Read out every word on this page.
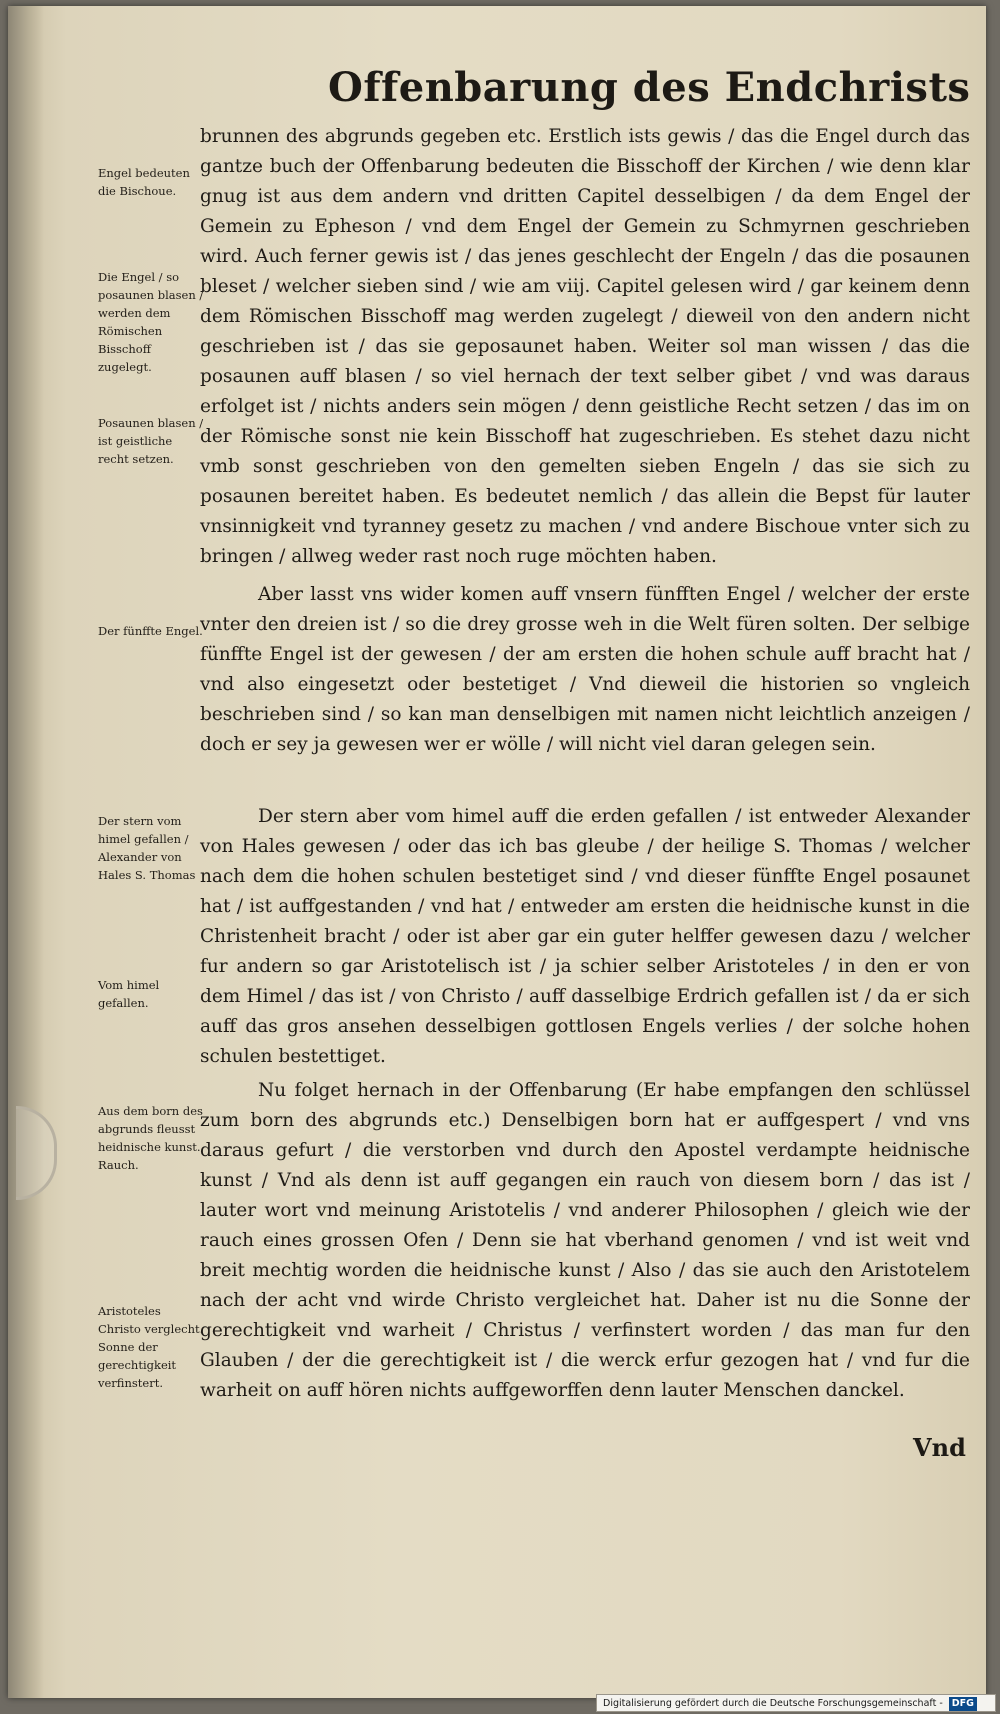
Offenbarung des Endchrists

brunnen des abgrunds gegeben etc. Erstlich ists gewis / das die Engel durch das gantze buch der Offenbarung bedeuten die Bisschoff der Kirchen / wie denn klar gnug ist aus dem andern vnd dritten Capitel desselbigen / da dem Engel der Gemein zu Epheson / vnd dem Engel der Gemein zu Schmyrnen geschrieben wird. Auch ferner gewis ist / das jenes geschlecht der Engeln / das die posaunen bleset / welcher sieben sind / wie am viij. Capitel gelesen wird / gar keinem denn dem Römischen Bisschoff mag werden zugelegt / dieweil von den andern nicht geschrieben ist / das sie geposaunet haben. Weiter sol man wissen / das die posaunen auff blasen / so viel hernach der text selber gibet / vnd was daraus erfolget ist / nichts anders sein mögen / denn geistliche Recht setzen / das im on der Römische sonst nie kein Bisschoff hat zugeschrieben. Es stehet dazu nicht vmb sonst geschrieben von den gemelten sieben Engeln / das sie sich zu posaunen bereitet haben. Es bedeutet nemlich / das allein die Bepst für lauter vnsinnigkeit vnd tyranney gesetz zu machen / vnd andere Bischoue vnter sich zu bringen / allweg weder rast noch ruge möchten haben.

Aber lasst vns wider komen auff vnsern fünfften Engel / welcher der erste vnter den dreien ist / so die drey grosse weh in die Welt füren solten. Der selbige fünffte Engel ist der gewesen / der am ersten die hohen schule auff bracht hat / vnd also eingesetzt oder bestetiget / Vnd dieweil die historien so vngleich beschrieben sind / so kan man denselbigen mit namen nicht leichtlich anzeigen / doch er sey ja gewesen wer er wölle / will nicht viel daran gelegen sein.

Der stern aber vom himel auff die erden gefallen / ist entweder Alexander von Hales gewesen / oder das ich bas gleube / der heilige S. Thomas / welcher nach dem die hohen schulen bestetiget sind / vnd dieser fünffte Engel posaunet hat / ist auffgestanden / vnd hat / entweder am ersten die heidnische kunst in die Christenheit bracht / oder ist aber gar ein guter helffer gewesen dazu / welcher fur andern so gar Aristotelisch ist / ja schier selber Aristoteles / in den er von dem Himel / das ist / von Christo / auff dasselbige Erdrich gefallen ist / da er sich auff das gros ansehen desselbigen gottlosen Engels verlies / der solche hohen schulen bestettiget.

Nu folget hernach in der Offenbarung (Er habe empfangen den schlüssel zum born des abgrunds etc.) Denselbigen born hat er auffgespert / vnd vns daraus gefurt / die verstorben vnd durch den Apostel verdampte heidnische kunst / Vnd als denn ist auff gegangen ein rauch von diesem born / das ist / lauter wort vnd meinung Aristotelis / vnd anderer Philosophen / gleich wie der rauch eines grossen Ofen / Denn sie hat vberhand genomen / vnd ist weit vnd breit mechtig worden die heidnische kunst / Also / das sie auch den Aristotelem nach der acht vnd wirde Christo vergleichet hat. Daher ist nu die Sonne der gerechtigkeit vnd warheit / Christus / verfinstert worden / das man fur den Glauben / der die gerechtigkeit ist / die werck erfur gezogen hat / vnd fur die warheit on auff hören nichts auffgeworffen denn lauter Menschen danckel.

Engel bedeuten die Bischoue.

Die Engel / so posaunen blasen / werden dem Römischen Bisschoff zugelegt.

Posaunen blasen / ist geistliche recht setzen.

Der fünffte Engel.

Der stern vom himel gefallen / Alexander von Hales S. Thomas

Vom himel gefallen.

Aus dem born des abgrunds fleusst heidnische kunst. Rauch.

Aristoteles Christo verglecht. Sonne der gerechtigkeit verfinstert.

Vnd
Digitalisierung gefördert durch die Deutsche Forschungsgemeinschaft - DFG
